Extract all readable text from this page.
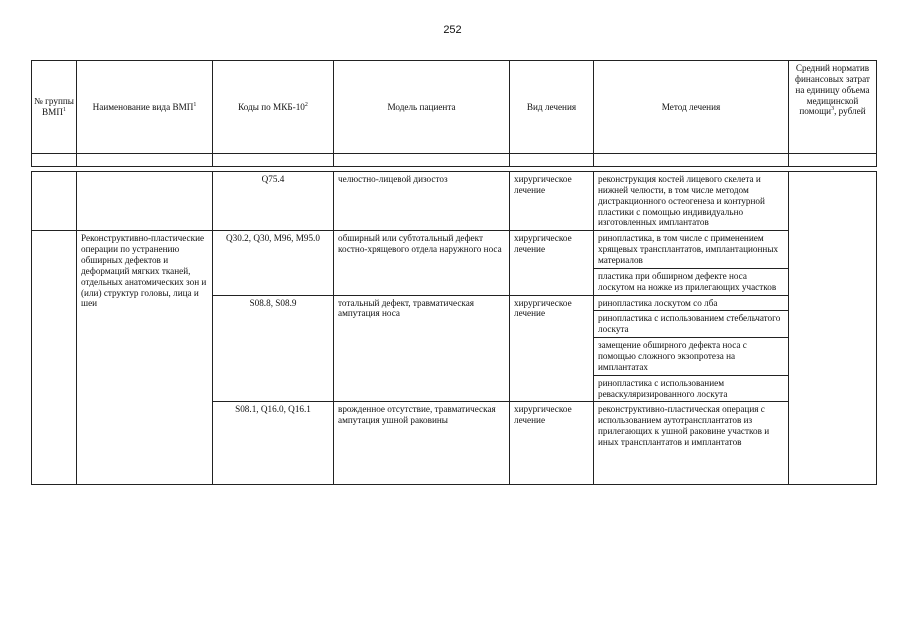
252
№ группы ВМП$^1$	Наименование вида ВМП$^1$	Коды по МКБ-$10^2$	Модель пациента	Вид лечения	Метод лечения	Средний норматив финансовых затрат на единицу объема медицинской помощи$^3$, рублей

		Q75.4	челюстно-лицевой дизостоз	хирургическое лечение	реконструкция костей лицевого скелета и нижней челюсти, в том числе методом дистракционного остеогенеза и контурной пластики с помощью индивидуально изготовленных имплантатов	
	Реконструктивно-пластические операции по устранению обширных дефектов и деформаций мягких тканей, отдельных анатомических зон и (или) структур головы, лица и шеи	Q30.2, Q30, M96, M95.0	обширный или субтотальный дефект костно-хрящевого отдела наружного носа	хирургическое лечение	ринопластика, в том числе с применением хрящевых трансплантатов, имплантационных материалов	
					пластика при обширном дефекте носа лоскутом на ножке из прилегающих участков	
		S08.8, S08.9	тотальный дефект, травматическая ампутация носа	хирургическое лечение	ринопластика лоскутом со лба	
					ринопластика с использованием стебельчатого лоскута	
					замещение обширного дефекта носа с помощью сложного экзопротеза на имплантатах	
					ринопластика с использованием реваскуляризированного лоскута	
		S08.1, Q16.0, Q16.1	врожденное отсутствие, травматическая ампутация ушной раковины	хирургическое лечение	реконструктивно-пластическая операция с использованием аутотрансплантатов из прилегающих к ушной раковине участков и иных трансплантатов и имплантатов	
